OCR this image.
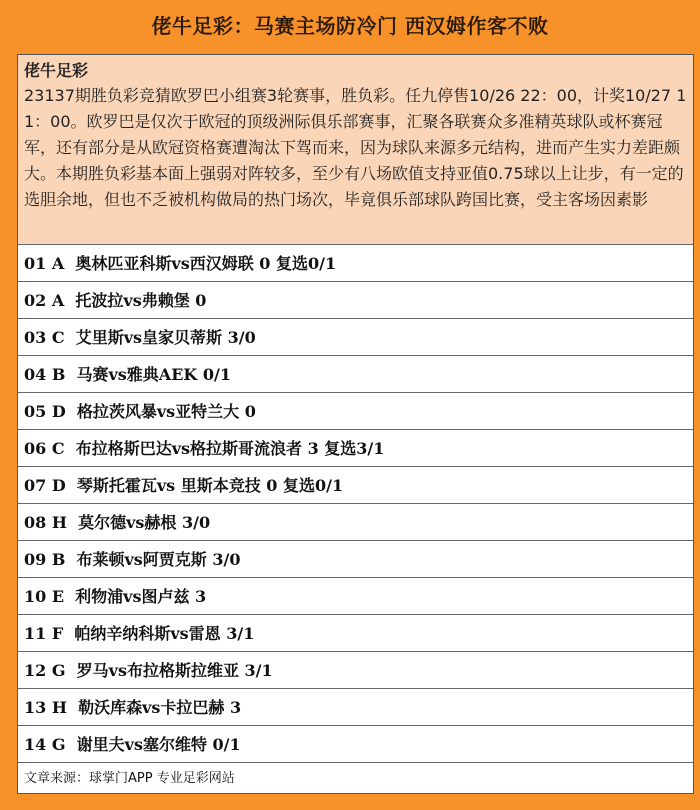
佬牛足彩：马赛主场防冷门 西汉姆作客不败
佬牛足彩
23137期胜负彩竞猜欧罗巴小组赛3轮赛事，胜负彩。任九停售10/26 22：00，计奖10/27 11：00。欧罗巴是仅次于欧冠的顶级洲际俱乐部赛事，汇聚各联赛众多准精英球队或杯赛冠军，还有部分是从欧冠资格赛遭淘汰下驾而来，因为球队来源多元结构，进而产生实力差距颇大。本期胜负彩基本面上强弱对阵较多，至少有八场欧值支持亚值0.75球以上让步，有一定的选胆余地，但也不乏被机构做局的热门场次，毕竟俱乐部球队跨国比赛，受主客场因素影
01 A  奥林匹亚科斯vs西汉姆联 0 复选0/1
02 A  托波拉vs弗赖堡 0
03 C  艾里斯vs皇家贝蒂斯 3/0
04 B  马赛vs雅典AEK 0/1
05 D  格拉茨风暴vs亚特兰大 0
06 C  布拉格斯巴达vs格拉斯哥流浪者 3 复选3/1
07 D  琴斯托霍瓦vs 里斯本竞技 0 复选0/1
08 H  莫尔德vs赫根 3/0
09 B  布莱顿vs阿贾克斯 3/0
10 E  利物浦vs图卢兹 3
11 F  帕纳辛纳科斯vs雷恩 3/1
12 G  罗马vs布拉格斯拉维亚 3/1
13 H  勒沃库森vs卡拉巴赫 3
14 G  谢里夫vs塞尔维特 0/1
文章来源：球掌门APP 专业足彩网站
